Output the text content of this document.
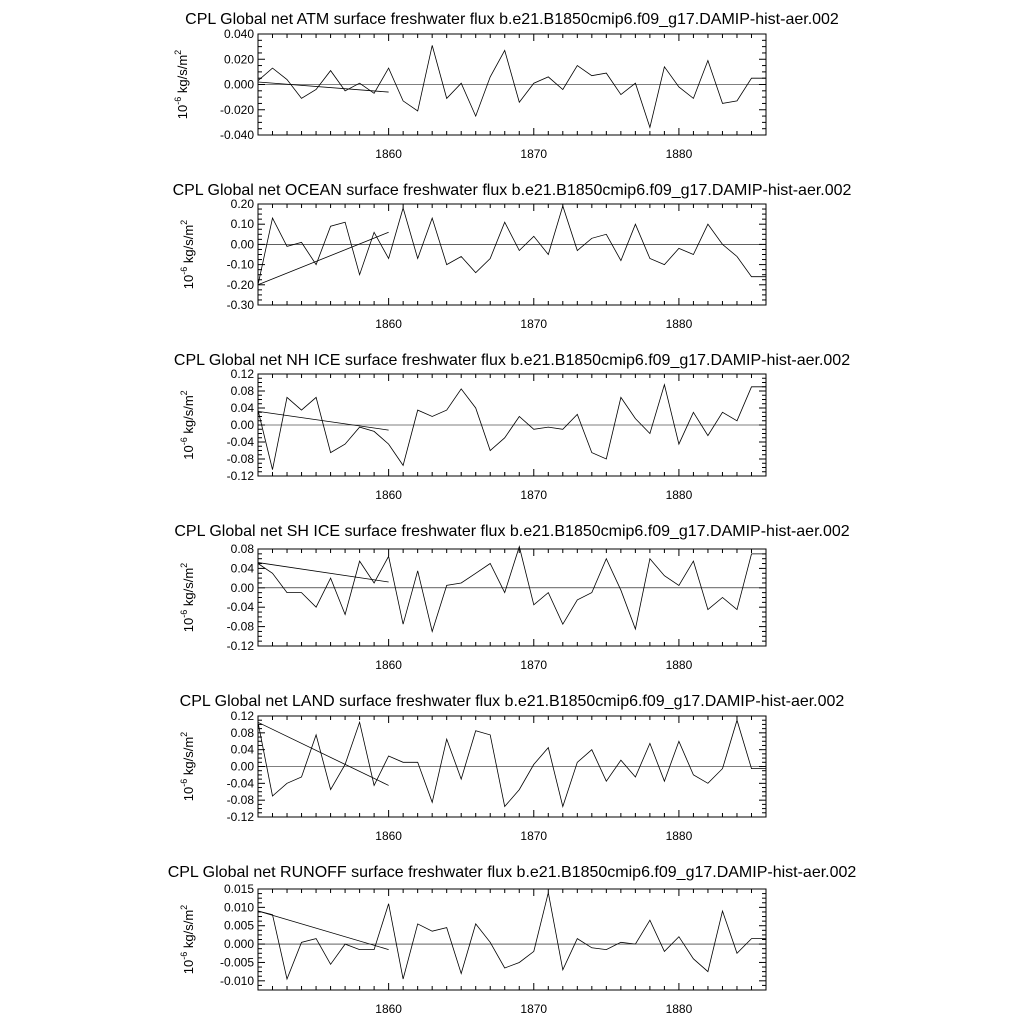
CPL Global net ATM surface freshwater flux b.e21.B1850cmip6.f09_g17.DAMIP-hist-aer.002
1860	1870	1880
0.040
0.020
0.000
-0.020
-0.040
$10^{-6}$ $kg/s/m^2$
CPL Global net OCEAN surface freshwater flux b.e21.B1850cmip6.f09_g17.DAMIP-hist-aer.002
1860	1870	1880
0.20
0.10
0.00
-0.10
-0.20
-0.30
$10^{-6}$ $kg/s/m^2$
CPL Global net NH ICE surface freshwater flux b.e21.B1850cmip6.f09_g17.DAMIP-hist-aer.002
1860	1870	1880
0.12
0.08
0.04
0.00
-0.04
-0.08
-0.12
$10^{-6}$ $kg/s/m^2$
CPL Global net SH ICE surface freshwater flux b.e21.B1850cmip6.f09_g17.DAMIP-hist-aer.002
1860	1870	1880
0.08
0.04
0.00
-0.04
-0.08
-0.12
$10^{-6}$ $kg/s/m^2$
CPL Global net LAND surface freshwater flux b.e21.B1850cmip6.f09_g17.DAMIP-hist-aer.002
1860	1870	1880
0.12
0.08
0.04
0.00
-0.04
-0.08
-0.12
$10^{-6}$ $kg/s/m^2$
CPL Global net RUNOFF surface freshwater flux b.e21.B1850cmip6.f09_g17.DAMIP-hist-aer.002
1860	1870	1880
0.015
0.010
0.005
0.000
-0.005
-0.010
$10^{-6}$ $kg/s/m^2$
